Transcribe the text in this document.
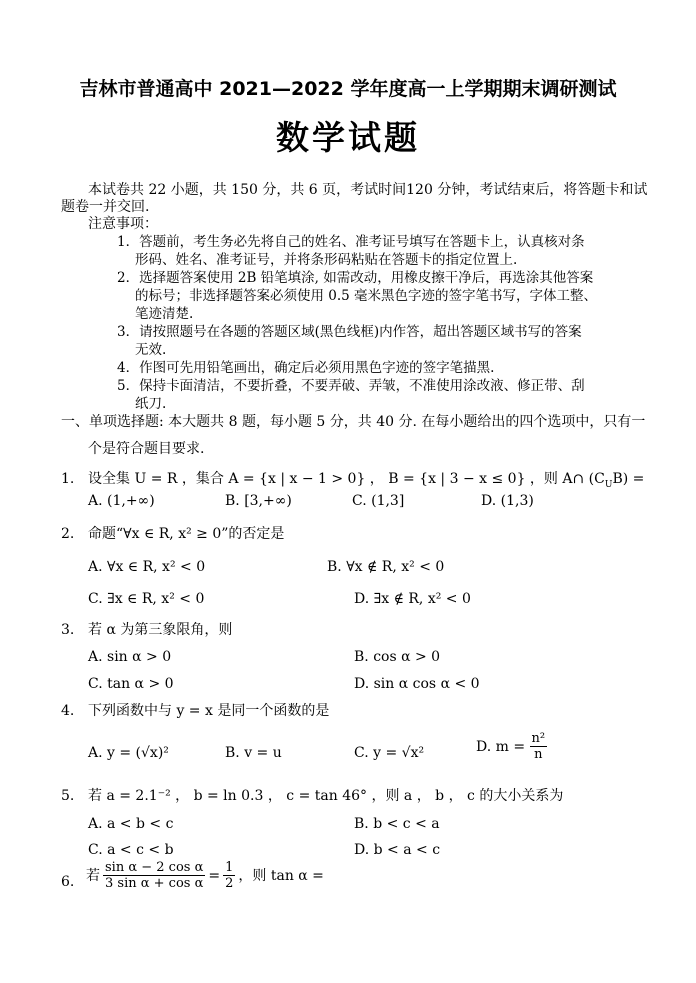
吉林市普通高中 2021—2022 学年度高一上学期期末调研测试
数学试题
本试卷共 22 小题，共 150 分，共 6 页，考试时间120 分钟，考试结束后，将答题卡和试
题卷一并交回.
注意事项：
1．答题前，考生务必先将自己的姓名、准考证号填写在答题卡上，认真核对条
形码、姓名、准考证号，并将条形码粘贴在答题卡的指定位置上.
2．选择题答案使用 2B 铅笔填涂, 如需改动，用橡皮擦干净后，再选涂其他答案
的标号；非选择题答案必须使用 0.5 毫米黑色字迹的签字笔书写，字体工整、
笔迹清楚.
3．请按照题号在各题的答题区域(黑色线框)内作答，超出答题区域书写的答案
无效.
4．作图可先用铅笔画出，确定后必须用黑色字迹的签字笔描黑.
5．保持卡面清洁，不要折叠，不要弄破、弄皱，不准使用涂改液、修正带、刮
纸刀.
一、单项选择题: 本大题共 8 题，每小题 5 分，共 40 分. 在每小题给出的四个选项中，只有一
个是符合题目要求.
1. 设全集 U = R ，集合 A = {x | x − 1 > 0} ， B = {x | 3 − x ≤ 0} ，则 A∩ $(C_UB)$ =
A. (1,+∞)	B. [3,+∞)	C. (1,3]	D. (1,3)
2. 命题“∀x ∈ R, x² ≥ 0”的否定是
A. ∀x ∈ R, x² < 0	B. ∀x ∉ R, x² < 0
C. ∃x ∈ R, x² < 0	D. ∃x ∉ R, x² < 0
3. 若 α 为第三象限角，则
A. sin α > 0	B. cos α > 0
C. tan α > 0	D. sin α cos α < 0
4. 下列函数中与 y = x 是同一个函数的是
A. y = (√x)²	B. v = u	C. y = √x²	D. m =
$\frac{\text{n²}}{n}$
5. 若 a = 2.1⁻² ， b = ln 0.3 ， c = tan 46° ，则 a ， b ， c 的大小关系为
A. a < b < c	B. b < c < a
C. a < c < b	D. b < a < c
6. 若 $\frac{\text{sin α − 2 cos α}}{\text{3 sin α + cos α}} = \frac{1}{2}$ ，则 tan α =
